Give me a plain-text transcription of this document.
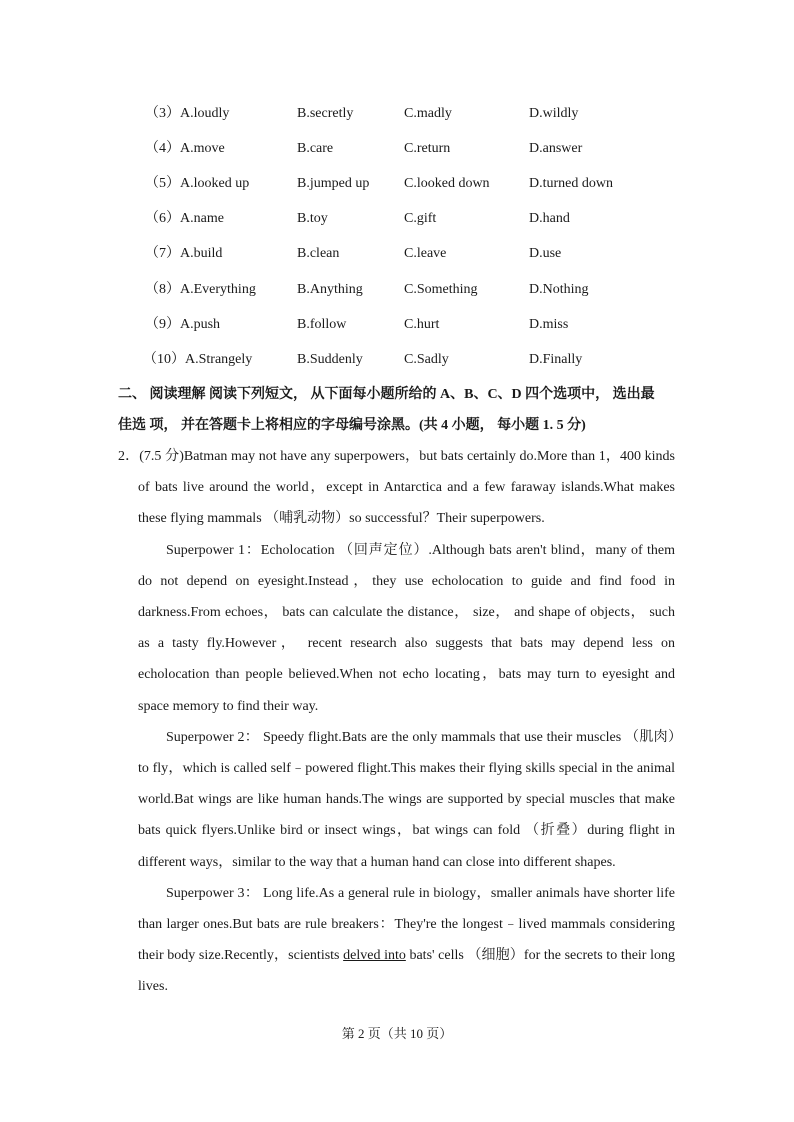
（3）A.loudly	B.secretly	C.madly	D.wildly
（4）A.move	B.care	C.return	D.answer
（5）A.looked up	B.jumped up C.looked down	D.turned down
（6）A.name	B.toy	C.gift	D.hand
（7）A.build	B.clean	C.leave	D.use
（8）A.Everything	B.Anything	C.Something	D.Nothing
（9）A.push	B.follow	C.hurt	D.miss
（10）A.Strangely	B.Suddenly	C.Sadly	D.Finally

二、 阅读理解 阅读下列短文， 从下面每小题所给的 A、B、C、D 四个选项中， 选出最

佳选 项， 并在答题卡上将相应的字母编号涂黑。(共 4 小题， 每小题 1. 5 分)

2．(7.5 分)Batman may not have any superpowers，but bats certainly do.More than 1，400 kinds of bats live around the world，except in Antarctica and a few faraway islands.What makes these flying mammals （哺乳动物）so successful？Their superpowers.

Superpower 1：Echolocation （回声定位）.Although bats aren't blind，many of them do not depend on eyesight.Instead，they use echolocation to guide and find food in darkness.From echoes， bats can calculate the distance， size， and shape of objects， such as a tasty fly.However， recent research also suggests that bats may depend less on echolocation than people believed.When not echo locating，bats may turn to eyesight and space memory to find their way.

Superpower 2： Speedy flight.Bats are the only mammals that use their muscles （肌肉）to fly，which is called self﹣powered flight.This makes their flying skills special in the animal world.Bat wings are like human hands.The wings are supported by special muscles that make bats quick flyers.Unlike bird or insect wings，bat wings can fold （折叠）during flight in different ways，similar to the way that a human hand can close into different shapes.

Superpower 3： Long life.As a general rule in biology，smaller animals have shorter life than larger ones.But bats are rule breakers：They're the longest﹣lived mammals considering their body size.Recently，scientists delved into bats' cells （细胞）for the secrets to their long lives.

第 2 页（共 10 页）
